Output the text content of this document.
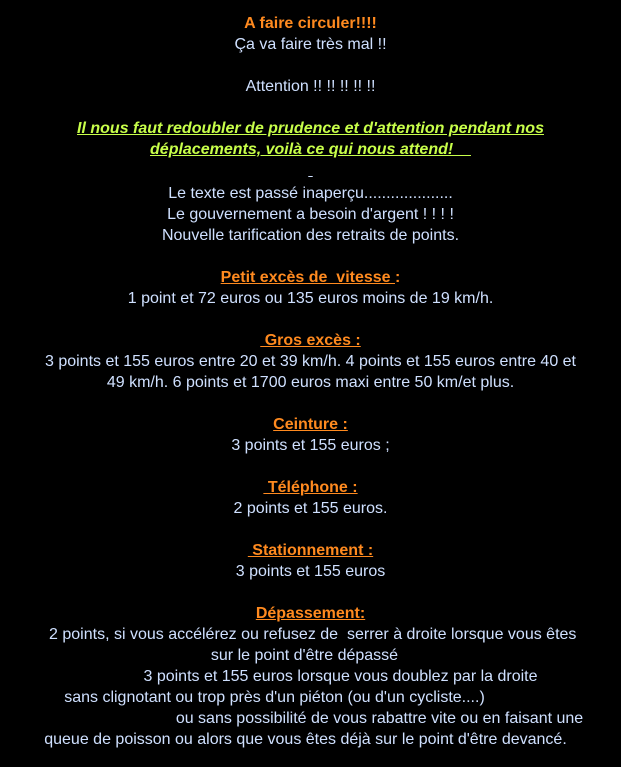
A faire circuler!!!!
Ça va faire très mal !!
Attention !! !! !! !! !!
Il nous faut redoubler de prudence et d'attention pendant nos
déplacements, voilà ce qui nous attend!

Le texte est passé inaperçu....................
Le gouvernement a besoin d'argent ! ! ! !
Nouvelle tarification des retraits de points.
Petit excès de  vitesse :
1 point et 72 euros ou 135 euros moins de 19 km/h.
Gros excès :
3 points et 155 euros entre 20 et 39 km/h. 4 points et 155 euros entre 40 et
49 km/h. 6 points et 1700 euros maxi entre 50 km/et plus.
Ceinture :
3 points et 155 euros ;
Téléphone :
2 points et 155 euros.
Stationnement :
3 points et 155 euros
Dépassement:
2 points, si vous accélérez ou refusez de  serrer à droite lorsque vous êtes
sur le point d'être dépassé
3 points et 155 euros lorsque vous doublez par la droite
sans clignotant ou trop près d'un piéton (ou d'un cycliste....)
ou sans possibilité de vous rabattre vite ou en faisant une
queue de poisson ou alors que vous êtes déjà sur le point d'être devancé.
